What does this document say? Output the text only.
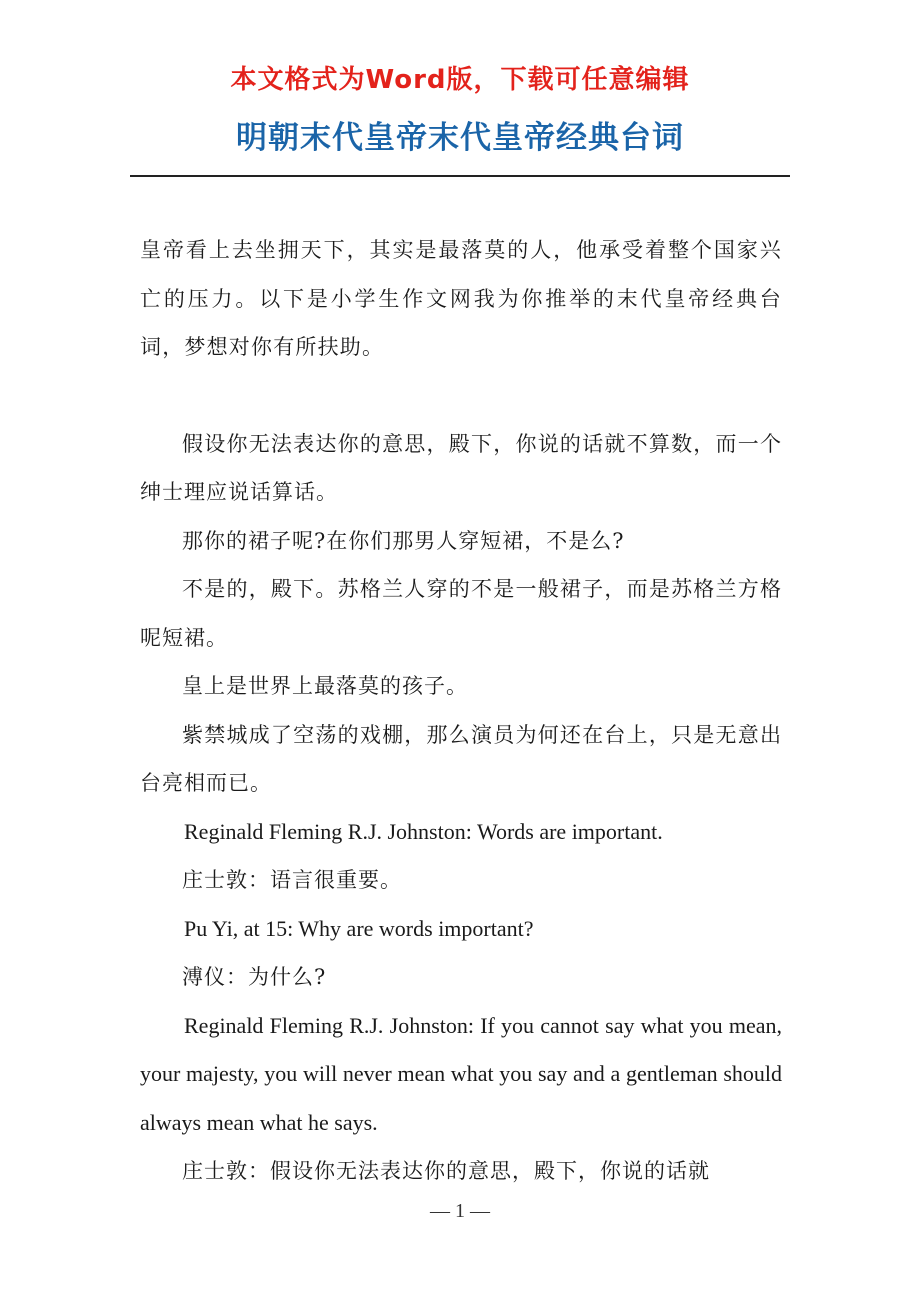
本文格式为Word版，下载可任意编辑
明朝末代皇帝末代皇帝经典台词

皇帝看上去坐拥天下，其实是最落莫的人，他承受着整个国家兴亡的压力。以下是小学生作文网我为你推举的末代皇帝经典台词，梦想对你有所扶助。

假设你无法表达你的意思，殿下，你说的话就不算数，而一个绅士理应说话算话。

那你的裙子呢?在你们那男人穿短裙，不是么?

不是的，殿下。苏格兰人穿的不是一般裙子，而是苏格兰方格呢短裙。

皇上是世界上最落莫的孩子。

紫禁城成了空荡的戏棚，那么演员为何还在台上，只是无意出台亮相而已。

Reginald Fleming R.J. Johnston: Words are important.

庄士敦：语言很重要。

Pu Yi, at 15: Why are words important?

溥仪：为什么?

Reginald Fleming R.J. Johnston: If you cannot say what you mean, your majesty, you will never mean what you say and a gentleman should always mean what he says.

庄士敦：假设你无法表达你的意思，殿下，你说的话就

— 1 —
